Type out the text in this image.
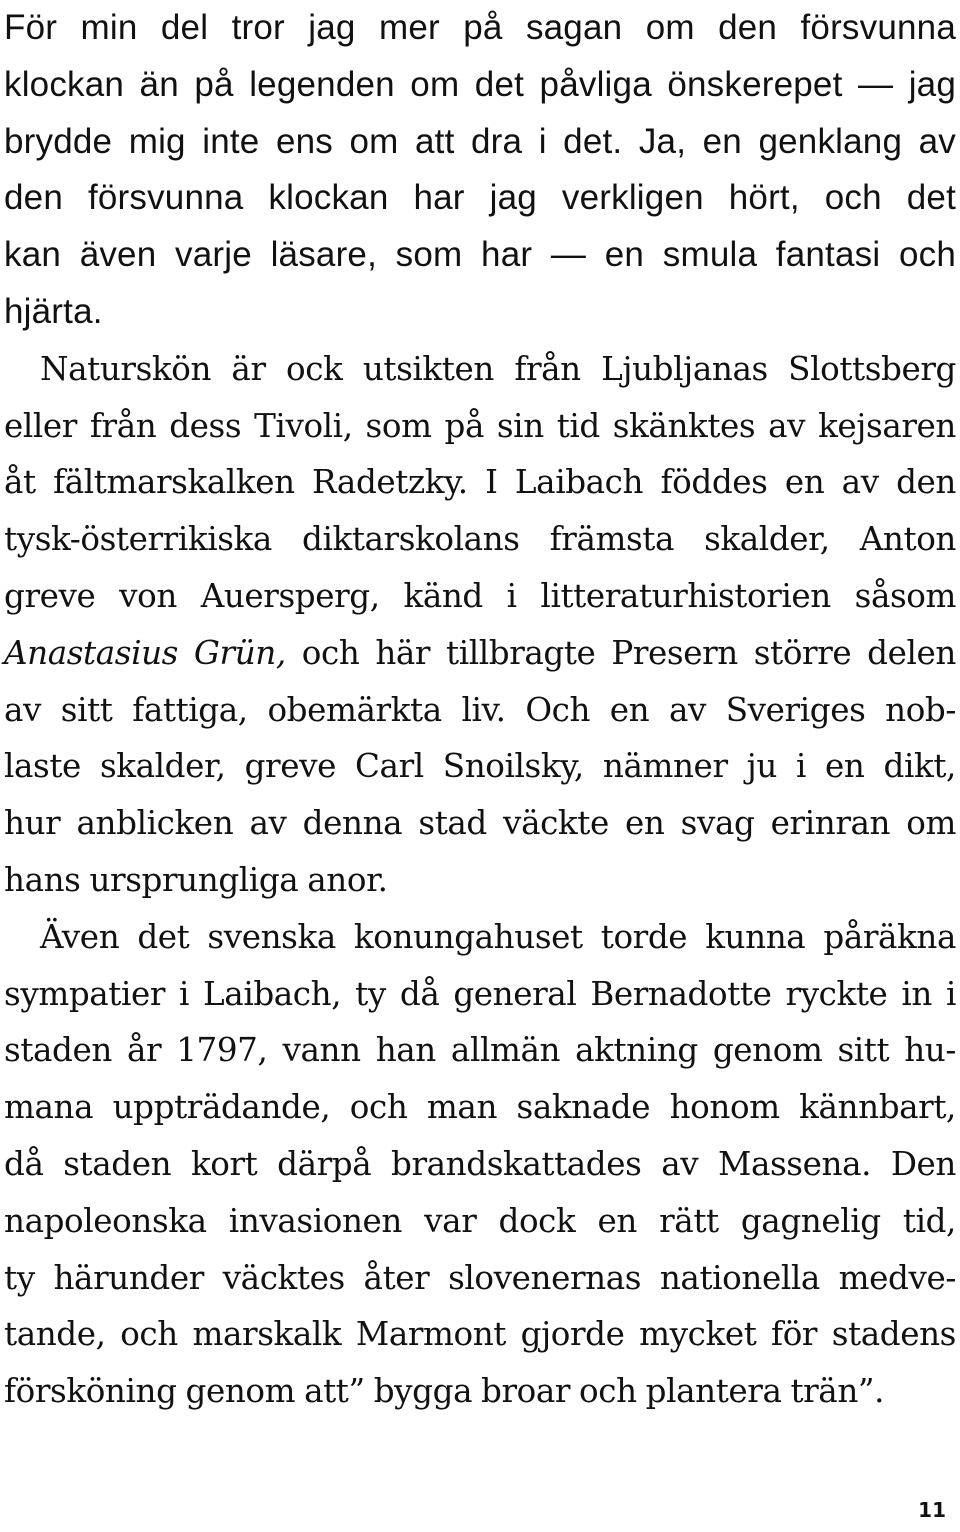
För min del tror jag mer på sagan om den försvunna
klockan än på legenden om det påvliga önskerepet — jag
brydde mig inte ens om att dra i det. Ja, en genklang av
den försvunna klockan har jag verkligen hört, och det
kan även varje läsare, som har — en smula fantasi och
hjärta.

Naturskön är ock utsikten från Ljubljanas Slottsberg
eller från dess Tivoli, som på sin tid skänktes av kejsaren
åt fältmarskalken Radetzky. I Laibach föddes en av den
tysk-österrikiska diktarskolans främsta skalder, Anton
greve von Auersperg, känd i litteraturhistorien såsom
Anastasius Grün, och här tillbragte Presern större delen
av sitt fattiga, obemärkta liv. Och en av Sveriges nob-
laste skalder, greve Carl Snoilsky, nämner ju i en dikt,
hur anblicken av denna stad väckte en svag erinran om
hans ursprungliga anor.

Även det svenska konungahuset torde kunna påräkna
sympatier i Laibach, ty då general Bernadotte ryckte in i
staden år 1797, vann han allmän aktning genom sitt hu-
mana uppträdande, och man saknade honom kännbart,
då staden kort därpå brandskattades av Massena. Den
napoleonska invasionen var dock en rätt gagnelig tid,
ty härunder väcktes åter slovenernas nationella medve-
tande, och marskalk Marmont gjorde mycket för stadens
försköning genom att” bygga broar och plantera trän”.

11
